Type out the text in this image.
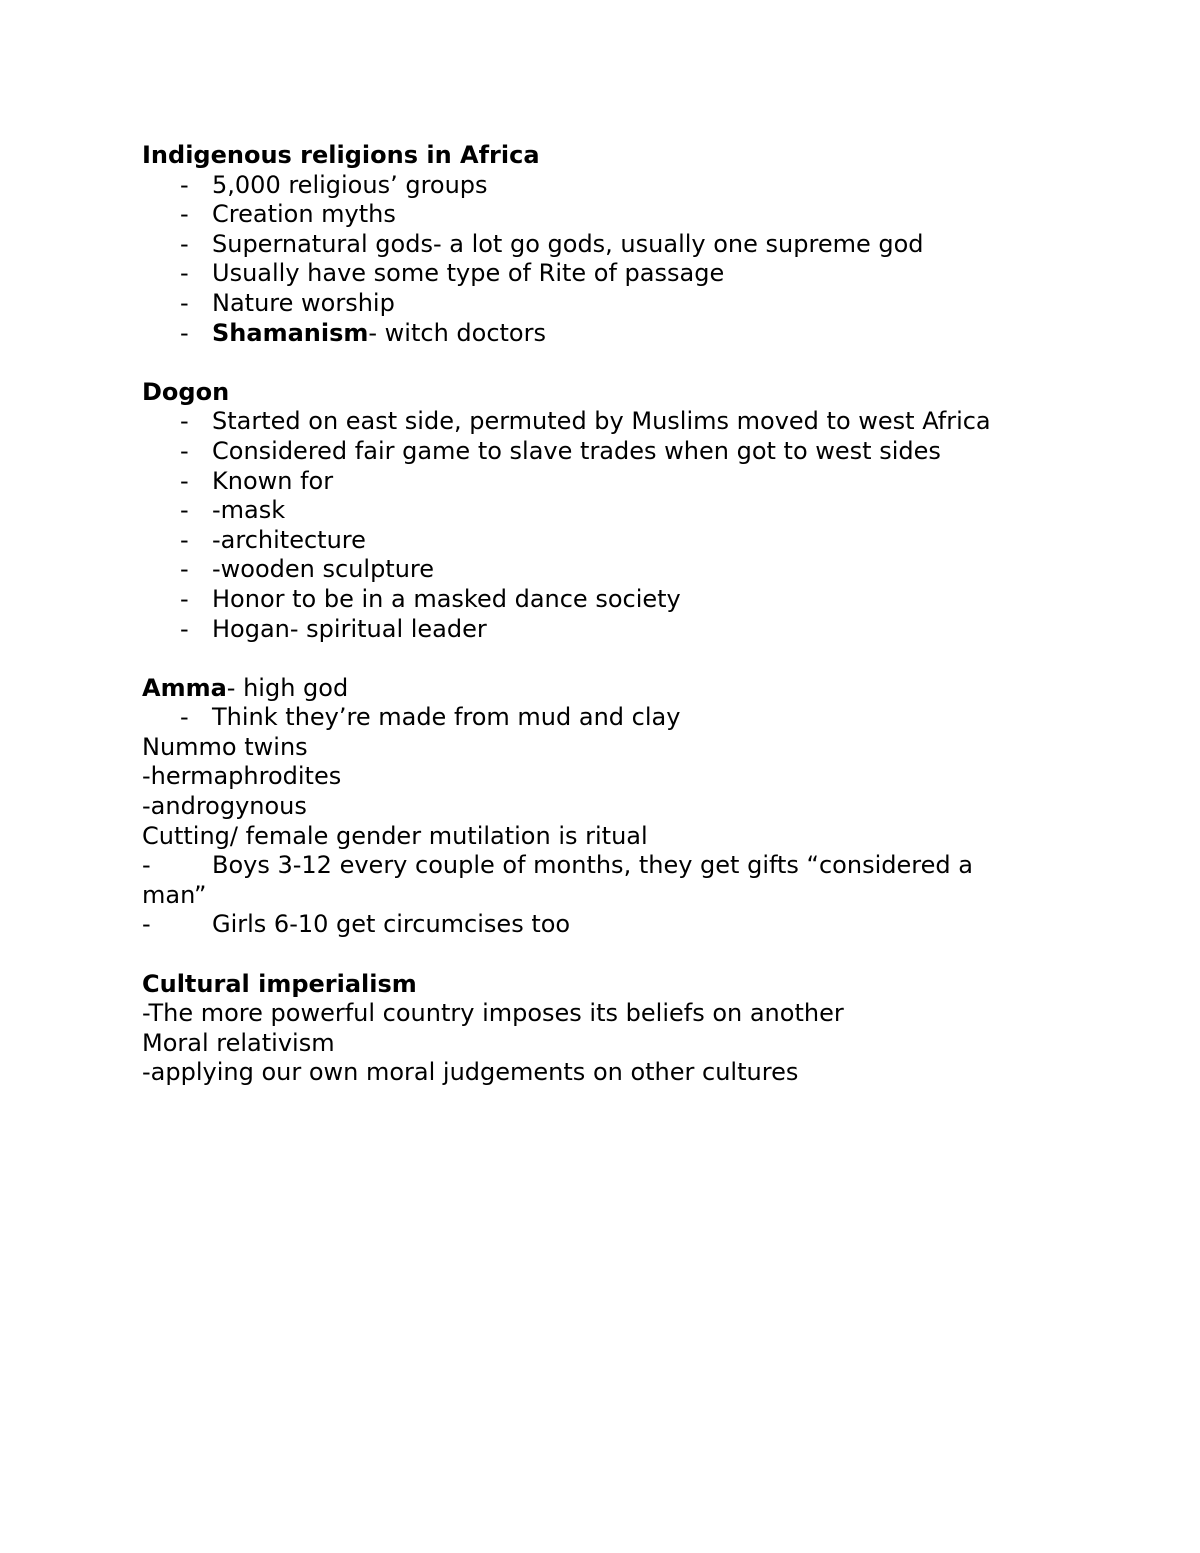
Indigenous religions in Africa
- 5,000 religious’ groups
- Creation myths
- Supernatural gods- a lot go gods, usually one supreme god
- Usually have some type of Rite of passage
- Nature worship
- Shamanism- witch doctors
Dogon
- Started on east side, permuted by Muslims moved to west Africa
- Considered fair game to slave trades when got to west sides
- Known for
- -mask
- -architecture
- -wooden sculpture
- Honor to be in a masked dance society
- Hogan- spiritual leader
Amma- high god
- Think they’re made from mud and clay
Nummo twins
-hermaphrodites
-androgynous
Cutting/ female gender mutilation is ritual
-	Boys 3-12 every couple of months, they get gifts “considered a
man”
-	Girls 6-10 get circumcises too
Cultural imperialism
-The more powerful country imposes its beliefs on another
Moral relativism
-applying our own moral judgements on other cultures
